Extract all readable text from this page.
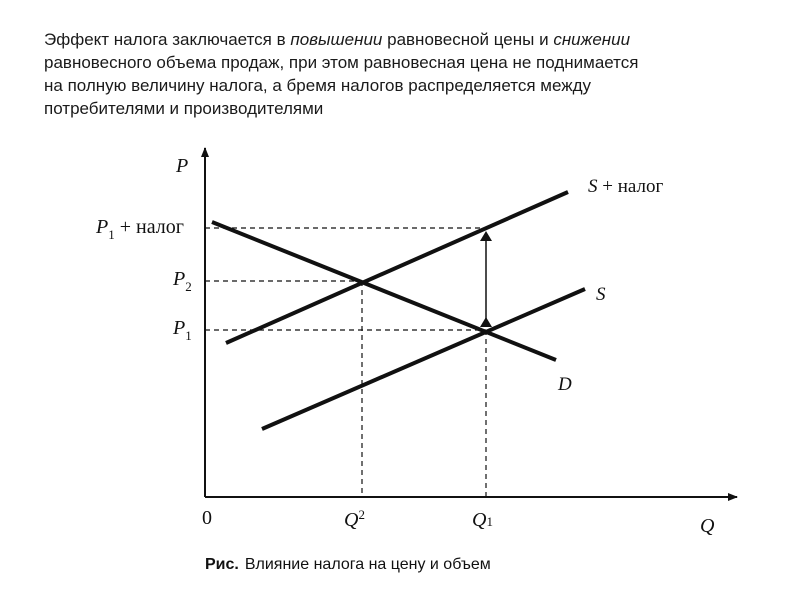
Эффект налога заключается в повышении равновесной цены и снижении
равновесного объема продаж, при этом равновесная цена не поднимается
на полную величину налога, а бремя налогов распределяется между
потребителями и производителями
P
Q
0
$P_1$ + налог
$P_2$
$P_1$
$Q^2$	Q1
S + налог
S
D
Рис. Влияние налога на цену и объем
